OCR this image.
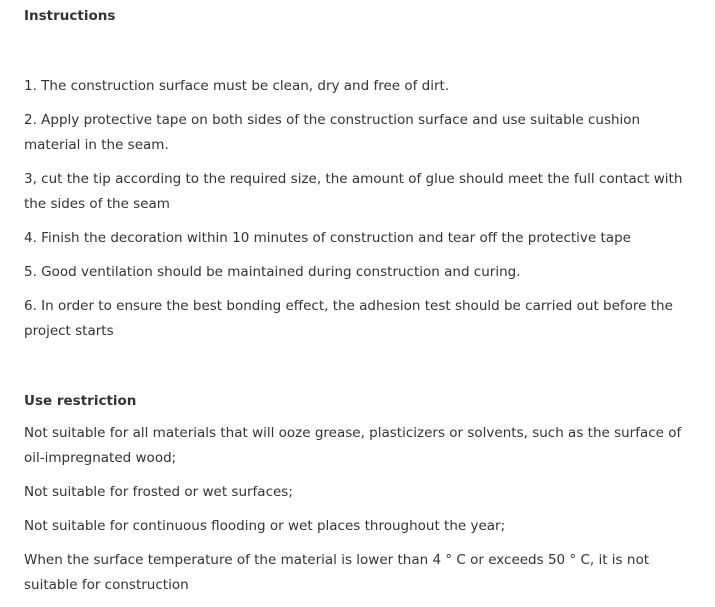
Instructions

1. The construction surface must be clean, dry and free of dirt.

2. Apply protective tape on both sides of the construction surface and use suitable cushion material in the seam.

3, cut the tip according to the required size, the amount of glue should meet the full contact with the sides of the seam

4. Finish the decoration within 10 minutes of construction and tear off the protective tape

5. Good ventilation should be maintained during construction and curing.

6. In order to ensure the best bonding effect, the adhesion test should be carried out before the project starts

Use restriction

Not suitable for all materials that will ooze grease, plasticizers or solvents, such as the surface of oil-impregnated wood;

Not suitable for frosted or wet surfaces;

Not suitable for continuous flooding or wet places throughout the year;

When the surface temperature of the material is lower than 4 ° C or exceeds 50 ° C, it is not suitable for construction
